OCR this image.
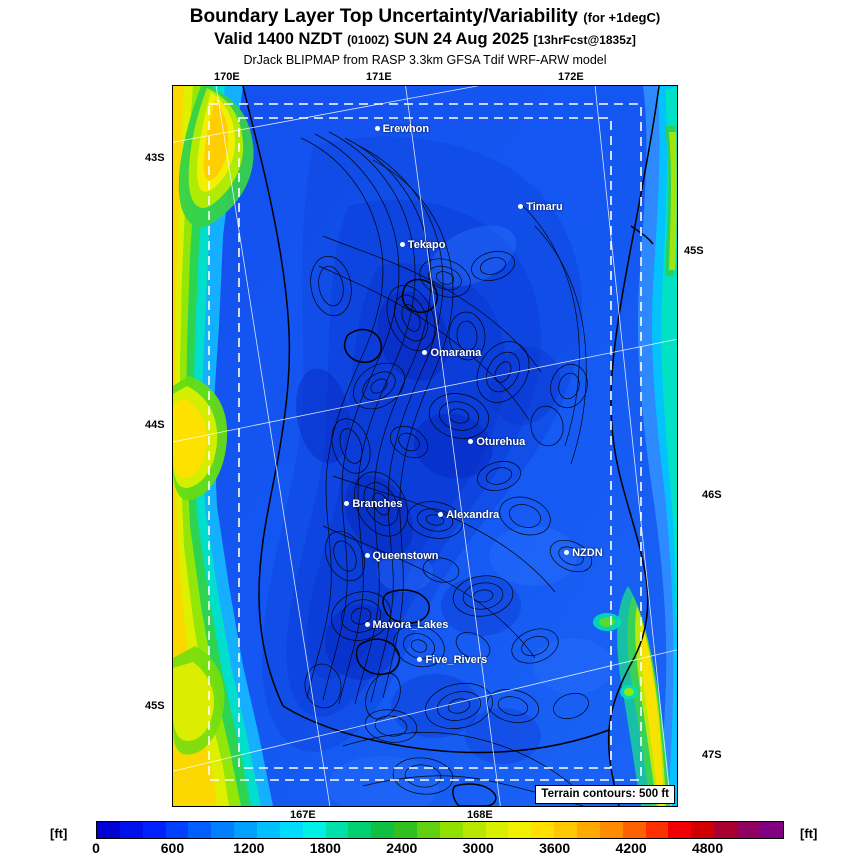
Boundary Layer Top Uncertainty/Variability (for +1degC)
Valid 1400 NZDT (0100Z) SUN 24 Aug 2025 [13hrFcst@1835z]
DrJack BLIPMAP from RASP 3.3km GFSA Tdif WRF-ARW model
Erewhon
Timaru
Tekapo
Omarama
Oturehua
Branches
Alexandra
Queenstown	NZDN
Mavora_Lakes
Five_Rivers
Terrain contours: 500 ft
170E	171E	172E
167E	168E
43S
44S
45S
45S
46S
47S
[ft]
0	600	1200	1800	2400	3000	3600	4200	4800
[ft]
